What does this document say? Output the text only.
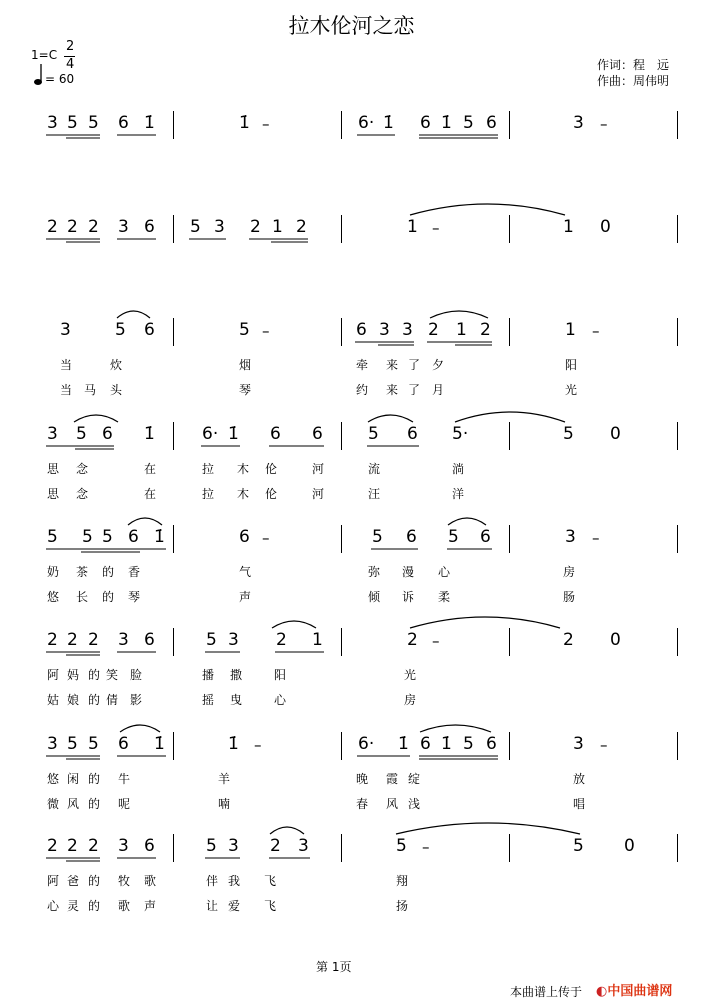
拉木伦河之恋
1=C
2
4
= 60
作词：程　远
作曲：周伟明
3 5 5 6 1̇	1̇ –	6· 1̇ 6 1̇ 5 6	3 –
2 2 2 3 6 5 3 2 1 2	1 –	1 0
3	5 6	5 –	6 3 3 2 1 2	1 –
当	炊	烟	牵 来 了 夕	阳
当 马 头	琴	约 来 了 月	光
3 5 6 1̇	6· 1̇ 6 6	5 6 5·	5 0
思 念	在	拉 木 伦	河	流	淌
思 念	在	拉 木 伦	河	汪	洋
5 5 5 6 1̇	6 –	5 6 5 6	3 –
奶 茶 的 香	气	弥 漫 心	房
悠 长 的 琴	声	倾 诉 柔	肠
2 2 2 3 6	5 3 2 1	2 –	2 0
阿 妈 的 笑 脸	播 撒	阳	光
姑 娘 的 倩 影	摇 曳	心	房
3 5 5 6 1̇	1̇ –	6· 1̇ 6 1̇ 5 6	3 –
悠 闲 的 牛	羊	晚 霞 绽	放
微 风 的 呢	喃	春 风 浅	唱
2 2 2 3 6	5 3 2 3	5 –	5 0
阿 爸 的 牧 歌	伴 我 飞	翔
心 灵 的 歌 声	让 爱 飞	扬
第 1页
本曲谱上传于 ◐中国曲谱网
